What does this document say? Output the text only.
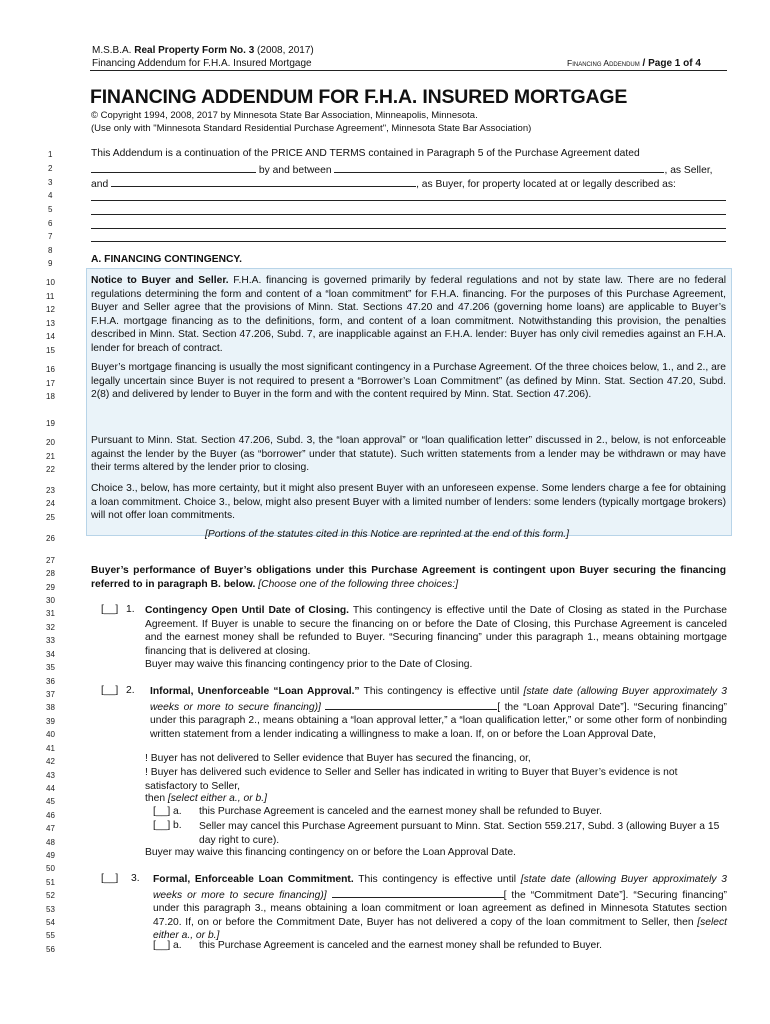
M.S.B.A. Real Property Form No. 3 (2008, 2017)
Financing Addendum for F.H.A. Insured Mortgage	Financing Addendum / Page 1 of 4
FINANCING ADDENDUM FOR F.H.A. INSURED MORTGAGE
© Copyright 1994, 2008, 2017 by Minnesota State Bar Association, Minneapolis, Minnesota.
(Use only with "Minnesota Standard Residential Purchase Agreement", Minnesota State Bar Association)
1
2
3
4
5
6
7
8
9
10
11
12
13
14
15
16
17
18
19
20
21
22
23
24
25
26
27
28
29
30
31
32
33
34
35
36
37
38
39
40
41
42
43
44
45
46
47
48
49
50
51
52
53
54
55
56
This Addendum is a continuation of the PRICE AND TERMS contained in Paragraph 5 of the Purchase Agreement dated
by and between	, as Seller,
and	, as Buyer, for property located at or legally described as:
A. FINANCING CONTINGENCY.
Notice to Buyer and Seller. F.H.A. financing is governed primarily by federal regulations and not by state law. There are no federal regulations determining the form and content of a “loan commitment” for F.H.A. financing. For the purposes of this Purchase Agreement, Buyer and Seller agree that the provisions of Minn. Stat. Sections 47.20 and 47.206 (governing home loans) are applicable to Buyer’s F.H.A. mortgage financing as to the definitions, form, and content of a loan commitment. Notwithstanding this provision, the penalties described in Minn. Stat. Section 47.206, Subd. 7, are inapplicable against an F.H.A. lender: Buyer has only civil remedies against an F.H.A. lender for breach of contract.
Buyer’s mortgage financing is usually the most significant contingency in a Purchase Agreement. Of the three choices below, 1., and 2., are legally uncertain since Buyer is not required to present a “Borrower’s Loan Commitment” (as defined by Minn. Stat. Section 47.20, Subd. 2(8) and delivered by lender to Buyer in the form and with the content required by Minn. Stat. Section 47.206).
Pursuant to Minn. Stat. Section 47.206, Subd. 3, the “loan approval” or “loan qualification letter” discussed in 2., below, is not enforceable against the lender by the Buyer (as “borrower” under that statute). Such written statements from a lender may be withdrawn or may have their terms altered by the lender prior to closing.
Choice 3., below, has more certainty, but it might also present Buyer with an unforeseen expense. Some lenders charge a fee for obtaining a loan commitment. Choice 3., below, might also present Buyer with a limited number of lenders: some lenders (typically mortgage brokers) will not offer loan commitments.
[Portions of the statutes cited in this Notice are reprinted at the end of this form.]
Buyer’s performance of Buyer’s obligations under this Purchase Agreement is contingent upon Buyer securing the financing referred to in paragraph B. below. [Choose one of the following three choices:]
[__] 1. Contingency Open Until Date of Closing. This contingency is effective until the Date of Closing as stated in the Purchase Agreement. If Buyer is unable to secure the financing on or before the Date of Closing, this Purchase Agreement is canceled and the earnest money shall be refunded to Buyer. “Securing financing” under this paragraph 1., means obtaining mortgage financing that is delivered at closing.
Buyer may waive this financing contingency prior to the Date of Closing.
[__] 2. Informal, Unenforceable “Loan Approval.” This contingency is effective until [state date (allowing Buyer approximately 3 weeks or more to secure financing)]	[ the “Loan Approval Date”]. “Securing financing” under this paragraph 2., means obtaining a “loan approval letter,” a “loan qualification letter,” or some other form of nonbinding written statement from a lender indicating a willingness to make a loan. If, on or before the Loan Approval Date,
! Buyer has not delivered to Seller evidence that Buyer has secured the financing, or,
! Buyer has delivered such evidence to Seller and Seller has indicated in writing to Buyer that Buyer’s evidence is not satisfactory to Seller,
then [select either a., or b.]
[__] a. this Purchase Agreement is canceled and the earnest money shall be refunded to Buyer.
[__] b. Seller may cancel this Purchase Agreement pursuant to Minn. Stat. Section 559.217, Subd. 3 (allowing Buyer a 15 day right to cure).
Buyer may waive this financing contingency on or before the Loan Approval Date.
[__] 3. Formal, Enforceable Loan Commitment. This contingency is effective until [state date (allowing Buyer approximately 3 weeks or more to secure financing)]	[ the “Commitment Date”]. “Securing financing” under this paragraph 3., means obtaining a loan commitment or loan agreement as defined in Minnesota Statutes section 47.20. If, on or before the Commitment Date, Buyer has not delivered a copy of the loan commitment to Seller, then [select either a., or b.]
[__] a. this Purchase Agreement is canceled and the earnest money shall be refunded to Buyer.
